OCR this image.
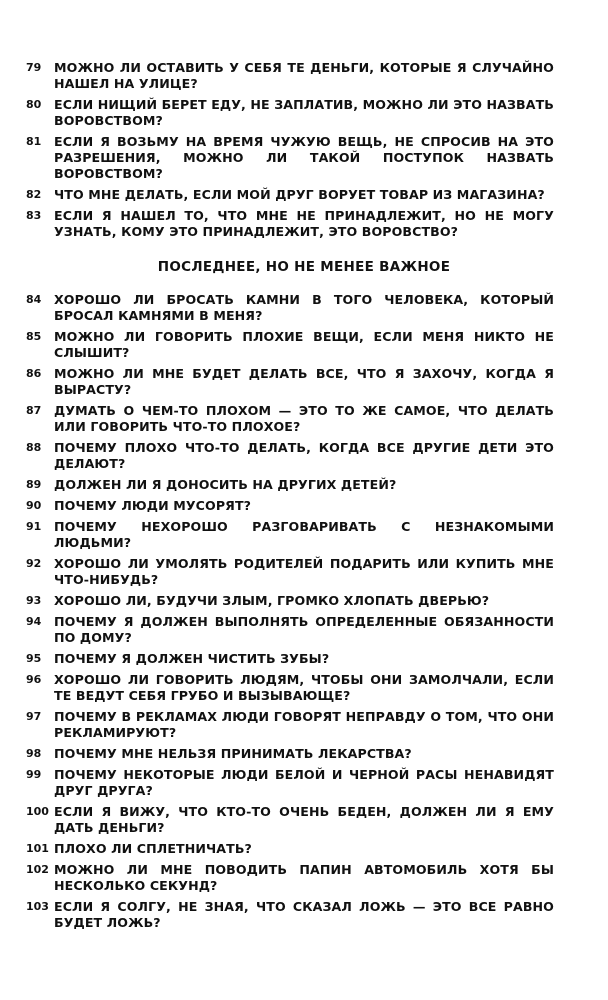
79	МОЖНО ЛИ ОСТАВИТЬ У СЕБЯ ТЕ ДЕНЬГИ, КОТОРЫЕ Я СЛУЧАЙНО НАШЕЛ НА УЛИЦЕ?
80	ЕСЛИ НИЩИЙ БЕРЕТ ЕДУ, НЕ ЗАПЛАТИВ, МОЖНО ЛИ ЭТО НАЗВАТЬ ВОРОВСТВОМ?
81	ЕСЛИ Я ВОЗЬМУ НА ВРЕМЯ ЧУЖУЮ ВЕЩЬ, НЕ СПРОСИВ НА ЭТО РАЗРЕШЕНИЯ, МОЖНО ЛИ ТАКОЙ ПОСТУПОК НАЗВАТЬ ВОРОВСТВОМ?
82	ЧТО МНЕ ДЕЛАТЬ, ЕСЛИ МОЙ ДРУГ ВОРУЕТ ТОВАР ИЗ МАГАЗИНА?
83	ЕСЛИ Я НАШЕЛ ТО, ЧТО МНЕ НЕ ПРИНАДЛЕЖИТ, НО НЕ МОГУ УЗНАТЬ, КОМУ ЭТО ПРИНАДЛЕЖИТ, ЭТО ВОРОВСТВО?
ПОСЛЕДНЕЕ, НО НЕ МЕНЕЕ ВАЖНОЕ
84	ХОРОШО ЛИ БРОСАТЬ КАМНИ В ТОГО ЧЕЛОВЕКА, КОТОРЫЙ БРОСАЛ КАМНЯМИ В МЕНЯ?
85	МОЖНО ЛИ ГОВОРИТЬ ПЛОХИЕ ВЕЩИ, ЕСЛИ МЕНЯ НИКТО НЕ СЛЫШИТ?
86	МОЖНО ЛИ МНЕ БУДЕТ ДЕЛАТЬ ВСЕ, ЧТО Я ЗАХОЧУ, КОГДА Я ВЫРАСТУ?
87	ДУМАТЬ О ЧЕМ-ТО ПЛОХОМ — ЭТО ТО ЖЕ САМОЕ, ЧТО ДЕЛАТЬ ИЛИ ГОВОРИТЬ ЧТО-ТО ПЛОХОЕ?
88	ПОЧЕМУ ПЛОХО ЧТО-ТО ДЕЛАТЬ, КОГДА ВСЕ ДРУГИЕ ДЕТИ ЭТО ДЕЛАЮТ?
89	ДОЛЖЕН ЛИ Я ДОНОСИТЬ НА ДРУГИХ ДЕТЕЙ?
90	ПОЧЕМУ ЛЮДИ МУСОРЯТ?
91	ПОЧЕМУ НЕХОРОШО РАЗГОВАРИВАТЬ С НЕЗНАКОМЫМИ ЛЮДЬМИ?
92	ХОРОШО ЛИ УМОЛЯТЬ РОДИТЕЛЕЙ ПОДАРИТЬ ИЛИ КУПИТЬ МНЕ ЧТО-НИБУДЬ?
93	ХОРОШО ЛИ, БУДУЧИ ЗЛЫМ, ГРОМКО ХЛОПАТЬ ДВЕРЬЮ?
94	ПОЧЕМУ Я ДОЛЖЕН ВЫПОЛНЯТЬ ОПРЕДЕЛЕННЫЕ ОБЯЗАННОСТИ ПО ДОМУ?
95	ПОЧЕМУ Я ДОЛЖЕН ЧИСТИТЬ ЗУБЫ?
96	ХОРОШО ЛИ ГОВОРИТЬ ЛЮДЯМ, ЧТОБЫ ОНИ ЗАМОЛЧАЛИ, ЕСЛИ ТЕ ВЕДУТ СЕБЯ ГРУБО И ВЫЗЫВАЮЩЕ?
97	ПОЧЕМУ В РЕКЛАМАХ ЛЮДИ ГОВОРЯТ НЕПРАВДУ О ТОМ, ЧТО ОНИ РЕКЛАМИРУЮТ?
98	ПОЧЕМУ МНЕ НЕЛЬЗЯ ПРИНИМАТЬ ЛЕКАРСТВА?
99	ПОЧЕМУ НЕКОТОРЫЕ ЛЮДИ БЕЛОЙ И ЧЕРНОЙ РАСЫ НЕНАВИДЯТ ДРУГ ДРУГА?
100 ЕСЛИ Я ВИЖУ, ЧТО КТО-ТО ОЧЕНЬ БЕДЕН, ДОЛЖЕН ЛИ Я ЕМУ ДАТЬ ДЕНЬГИ?
101 ПЛОХО ЛИ СПЛЕТНИЧАТЬ?
102 МОЖНО ЛИ МНЕ ПОВОДИТЬ ПАПИН АВТОМОБИЛЬ ХОТЯ БЫ НЕСКОЛЬКО СЕКУНД?
103 ЕСЛИ Я СОЛГУ, НЕ ЗНАЯ, ЧТО СКАЗАЛ ЛОЖЬ — ЭТО ВСЕ РАВНО БУДЕТ ЛОЖЬ?
